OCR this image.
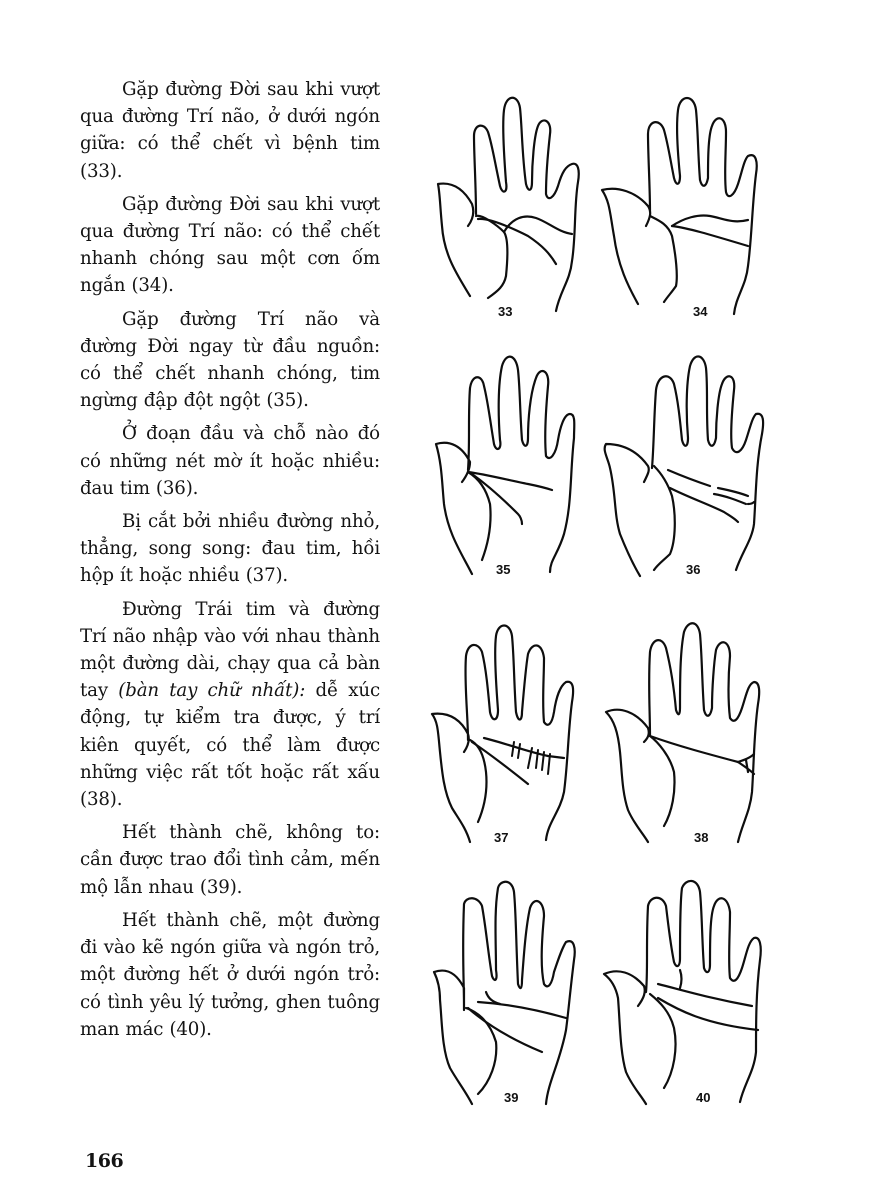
Gặp đường Đời sau khi vượt qua đường Trí não, ở dưới ngón giữa: có thể chết vì bệnh tim (33).

Gặp đường Đời sau khi vượt qua đường Trí não: có thể chết nhanh chóng sau một cơn ốm ngắn (34).

Gặp đường Trí não và đường Đời ngay từ đầu nguồn: có thể chết nhanh chóng, tim ngừng đập đột ngột (35).

Ở đoạn đầu và chỗ nào đó có những nét mờ ít hoặc nhiều: đau tim (36).

Bị cắt bởi nhiều đường nhỏ, thẳng, song song: đau tim, hồi hộp ít hoặc nhiều (37).

Đường Trái tim và đường Trí não nhập vào với nhau thành một đường dài, chạy qua cả bàn tay (bàn tay chữ nhất): dễ xúc động, tự kiểm tra được, ý trí kiên quyết, có thể làm được những việc rất tốt hoặc rất xấu (38).

Hết thành chẽ, không to: cần được trao đổi tình cảm, mến mộ lẫn nhau (39).

Hết thành chẽ, một đường đi vào kẽ ngón giữa và ngón trỏ, một đường hết ở dưới ngón trỏ: có tình yêu lý tưởng, ghen tuông man mác (40).

33	34
35	36
37	38
39	40
166
